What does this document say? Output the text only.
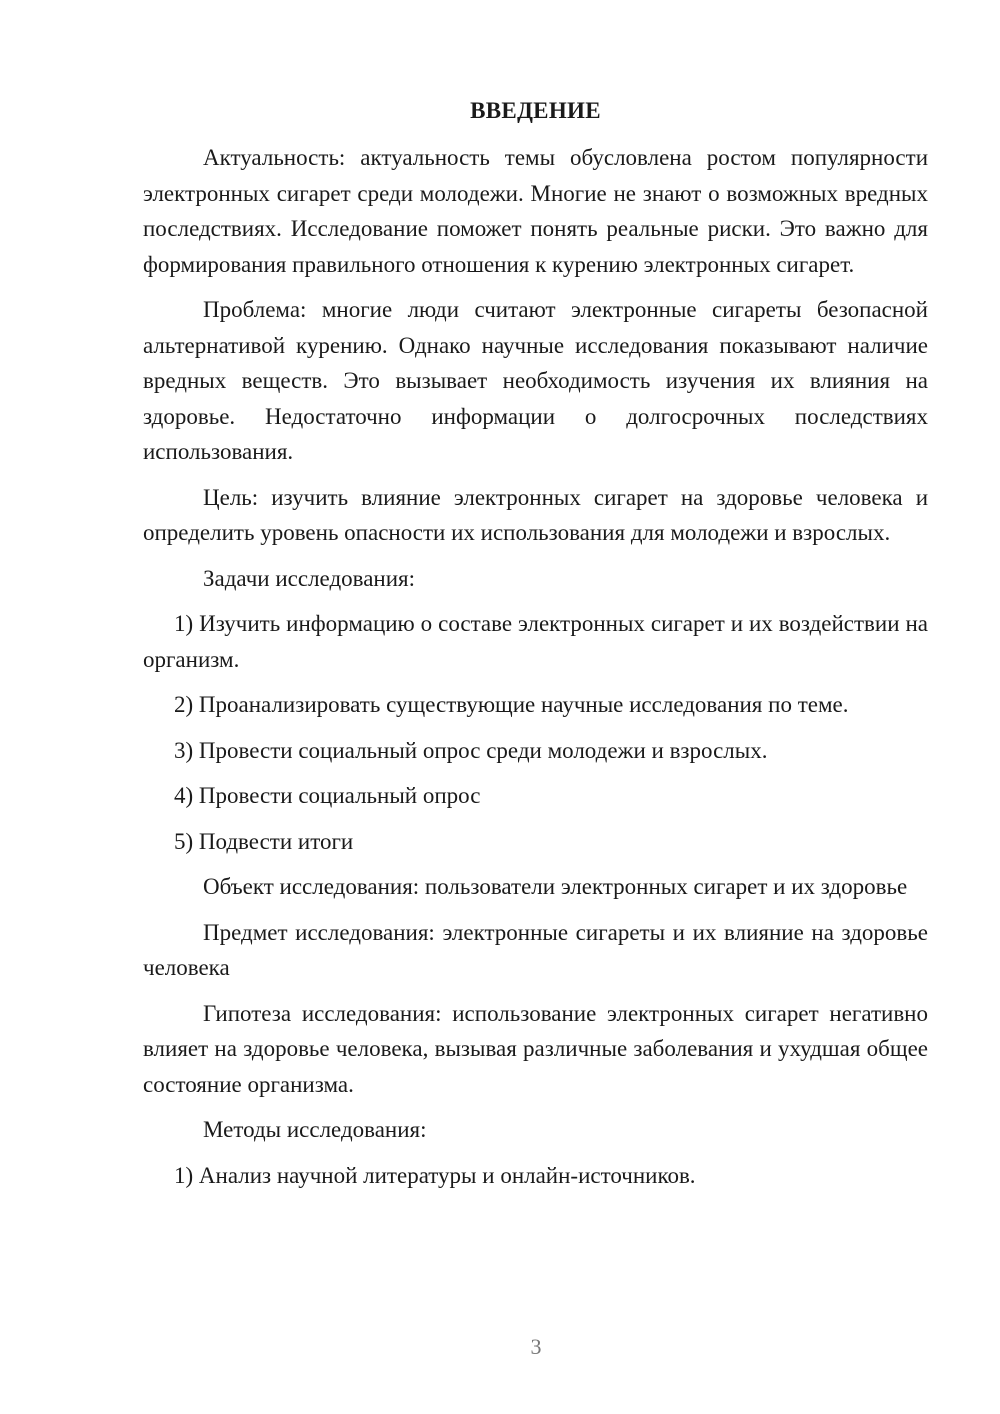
ВВЕДЕНИЕ

Актуальность: актуальность темы обусловлена ростом популярности электронных сигарет среди молодежи. Многие не знают о возможных вредных последствиях. Исследование поможет понять реальные риски. Это важно для формирования правильного отношения к курению электронных сигарет.

Проблема: многие люди считают электронные сигареты безопасной альтернативой курению. Однако научные исследования показывают наличие вредных веществ. Это вызывает необходимость изучения их влияния на здоровье. Недостаточно информации о долгосрочных последствиях использования.

Цель: изучить влияние электронных сигарет на здоровье человека и определить уровень опасности их использования для молодежи и взрослых.

Задачи исследования:

1) Изучить информацию о составе электронных сигарет и их воздействии на организм.

2) Проанализировать существующие научные исследования по теме.

3) Провести социальный опрос среди молодежи и взрослых.

4) Провести социальный опрос

5) Подвести итоги

Объект исследования: пользователи электронных сигарет и их здоровье

Предмет исследования: электронные сигареты и их влияние на здоровье человека

Гипотеза исследования: использование электронных сигарет негативно влияет на здоровье человека, вызывая различные заболевания и ухудшая общее состояние организма.

Методы исследования:

1) Анализ научной литературы и онлайн-источников.

3
